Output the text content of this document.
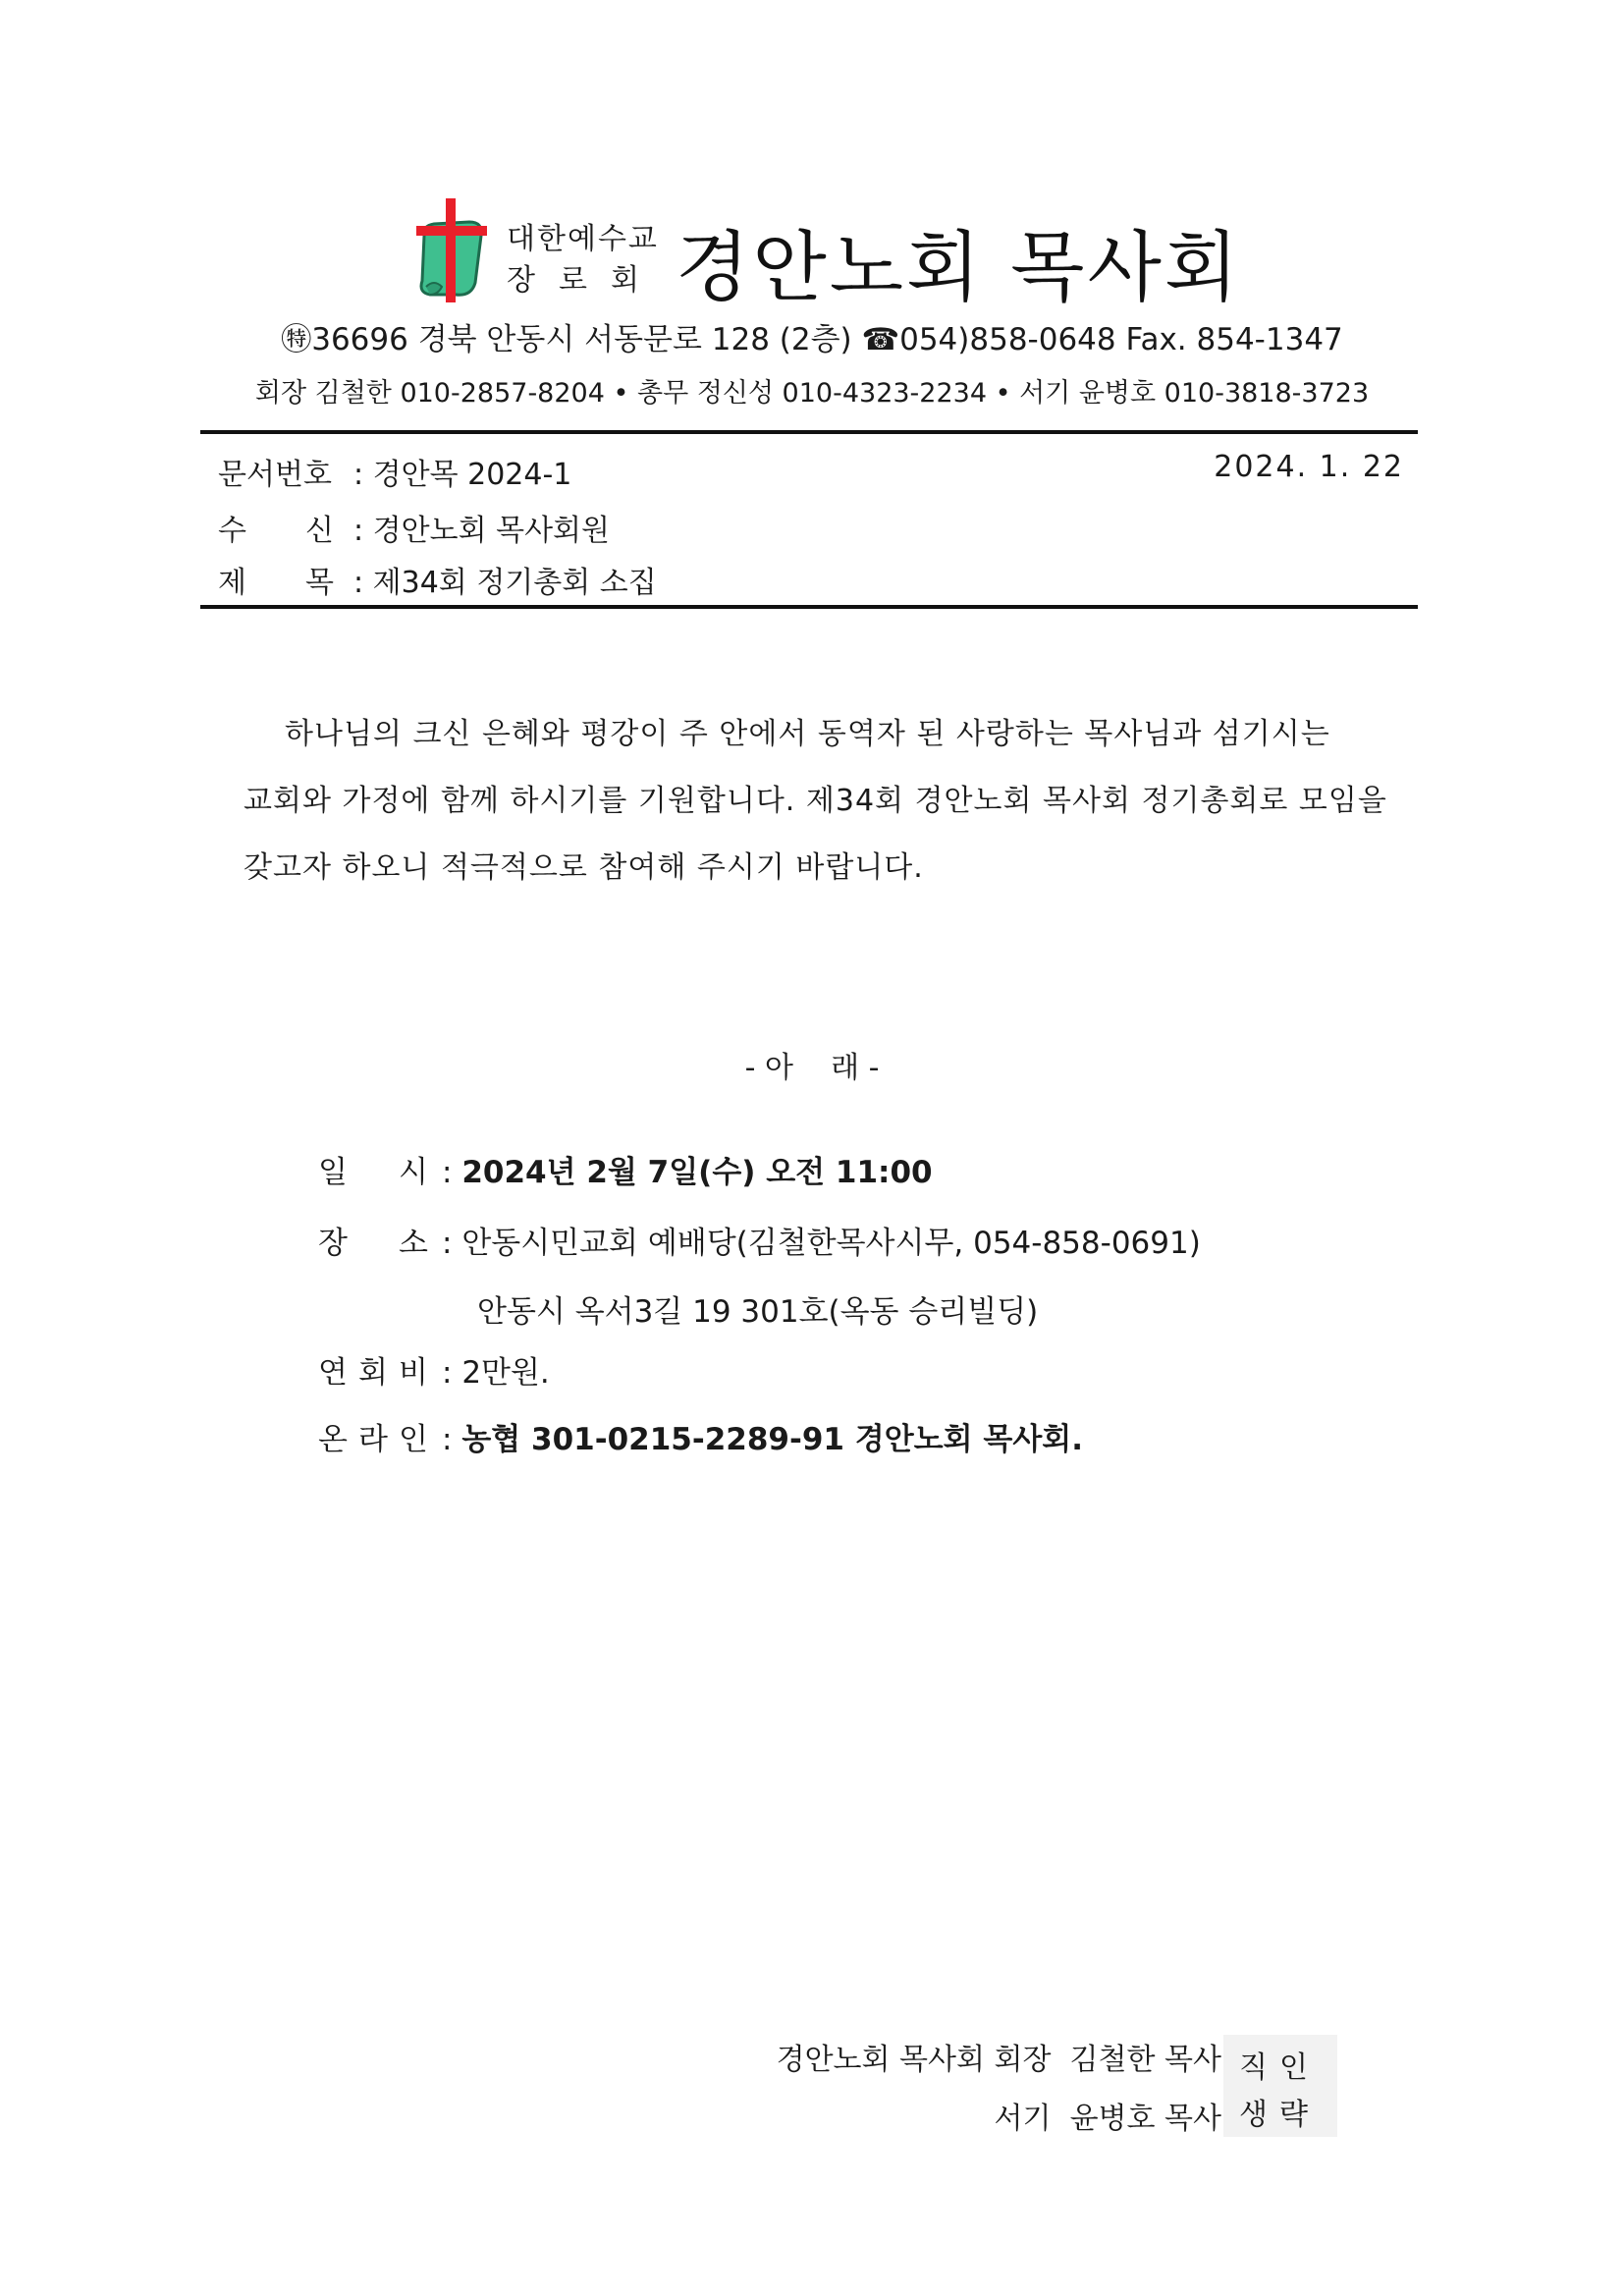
대한예수교
장로회 경안노회 목사회
㊕36696 경북 안동시 서동문로 128 (2층) ☎054)858-0648 Fax. 854-1347
회장 김철한 010-2857-8204 • 총무 정신성 010-4323-2234 • 서기 윤병호 010-3818-3723
문서번호 : 경안목 2024-1	2024. 1. 22
수 신 : 경안노회 목사회원
제 목 : 제34회 정기총회 소집
하나님의 크신 은혜와 평강이 주 안에서 동역자 된 사랑하는 목사님과 섬기시는
교회와 가정에 함께 하시기를 기원합니다. 제34회 경안노회 목사회 정기총회로 모임을
갖고자 하오니 적극적으로 참여해 주시기 바랍니다.
- 아    래 -
일 시 : 2024년 2월 7일(수) 오전 11:00
장 소 : 안동시민교회 예배당(김철한목사시무, 054-858-0691)
안동시 옥서3길 19 301호(옥동 승리빌딩)
연 회 비 : 2만원.
온 라 인 : 농협 301-0215-2289-91 경안노회 목사회.
경안노회 목사회 회장  김철한 목사
서기  윤병호 목사
직인
생략
